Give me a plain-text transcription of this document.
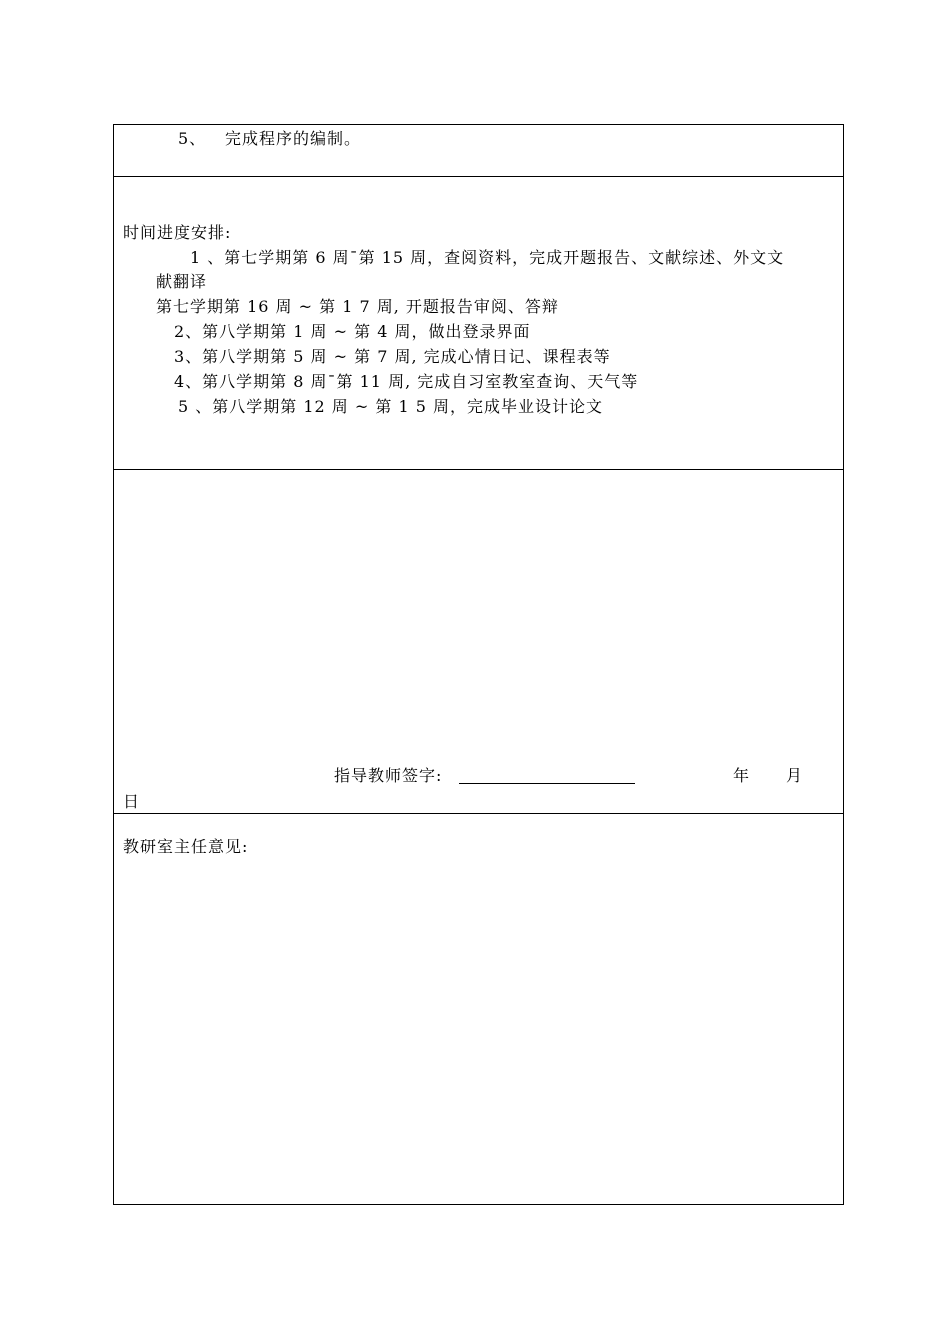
5、 完成程序的编制。
时间进度安排:
1 、第七学期第 6 周¯第 15 周，查阅资料，完成开题报告、文献综述、外文文
献翻译
第七学期第 16 周 ~ 第 1 7 周, 开题报告审阅、答辩
2、第八学期第 1 周 ~ 第 4 周，做出登录界面
3、第八学期第 5 周 ~ 第 7 周, 完成心情日记、课程表等
4、第八学期第 8 周¯第 11 周, 完成自习室教室查询、天气等
5 、第八学期第 12 周 ~ 第 1 5 周，完成毕业设计论文
指导教师签字:	年 月
日
教研室主任意见:
